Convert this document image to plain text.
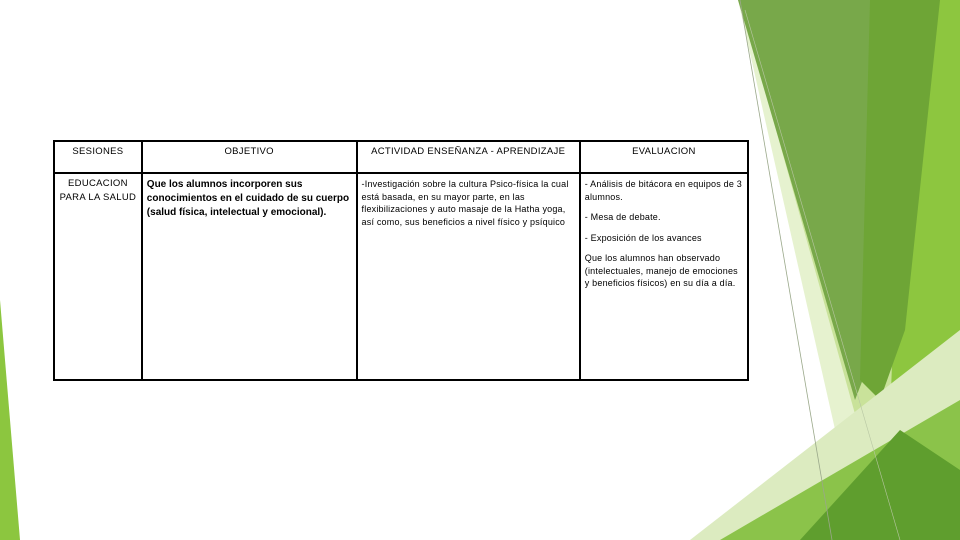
SESIONES	OBJETIVO	ACTIVIDAD ENSEÑANZA - APRENDIZAJE	EVALUACION
EDUCACION PARA LA SALUD	Que los alumnos incorporen sus conocimientos en el cuidado de su cuerpo (salud física, intelectual y emocional).	-Investigación sobre la cultura Psico-física la cual está basada, en su mayor parte, en las flexibilizaciones y auto masaje de la Hatha yoga, así como, sus beneficios a nivel físico y psíquico	- Análisis de bitácora en equipos de 3 alumnos.
- Mesa de debate.
- Exposición de los avances
Que los alumnos han observado (intelectuales, manejo de emociones y beneficios físicos) en su día a día.
